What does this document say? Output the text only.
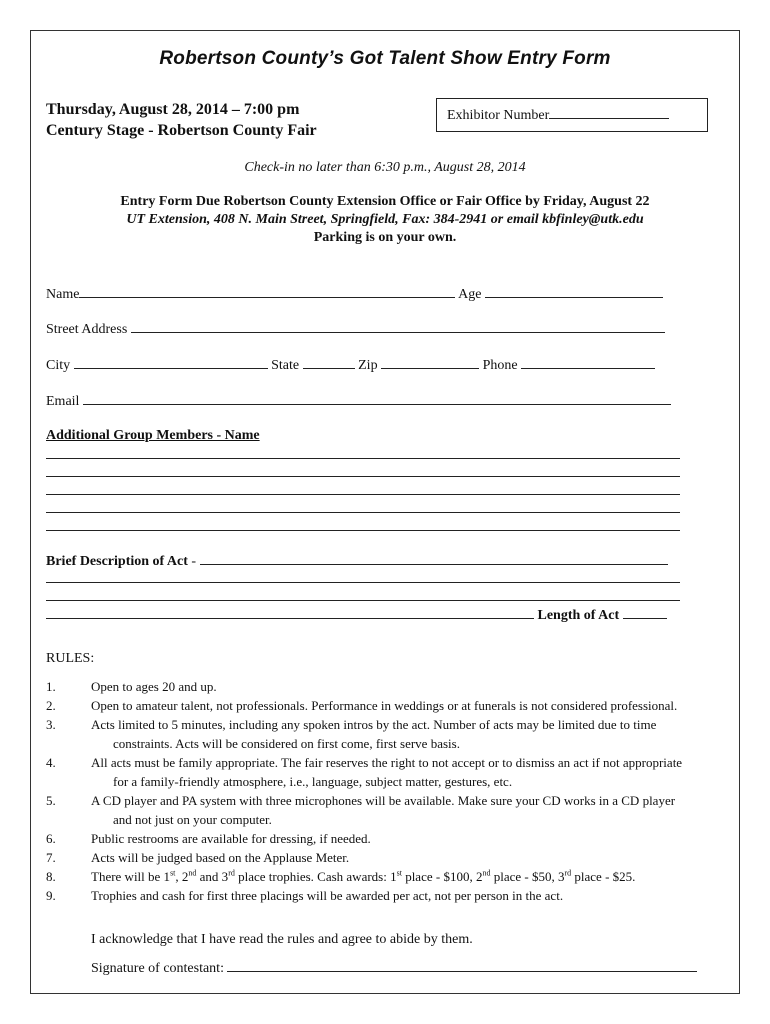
Robertson County’s Got Talent Show Entry Form
Thursday, August 28, 2014 – 7:00 pm
Century Stage - Robertson County Fair
Exhibitor Number
Check-in no later than 6:30 p.m., August 28, 2014
Entry Form Due Robertson County Extension Office or Fair Office by Friday, August 22
UT Extension, 408 N. Main Street, Springfield, Fax: 384-2941 or email kbfinley@utk.edu
Parking is on your own.
Name	Age
Street Address
City	State	Zip	Phone
Email
Additional Group Members - Name
Brief Description of Act -
Length of Act
RULES:
1.	Open to ages 20 and up.
2.	Open to amateur talent, not professionals. Performance in weddings or at funerals is not considered professional.
3.	Acts limited to 5 minutes, including any spoken intros by the act. Number of acts may be limited due to time
constraints. Acts will be considered on first come, first serve basis.
4.	All acts must be family appropriate. The fair reserves the right to not accept or to dismiss an act if not appropriate
for a family-friendly atmosphere, i.e., language, subject matter, gestures, etc.
5.	A CD player and PA system with three microphones will be available. Make sure your CD works in a CD player
and not just on your computer.
6.	Public restrooms are available for dressing, if needed.
7.	Acts will be judged based on the Applause Meter.
8.	There will be 1st, 2nd and 3rd place trophies. Cash awards: 1st place - $100, 2nd place - $50, 3rd place - $25.
9.	Trophies and cash for first three placings will be awarded per act, not per person in the act.
I acknowledge that I have read the rules and agree to abide by them.
Signature of contestant:
